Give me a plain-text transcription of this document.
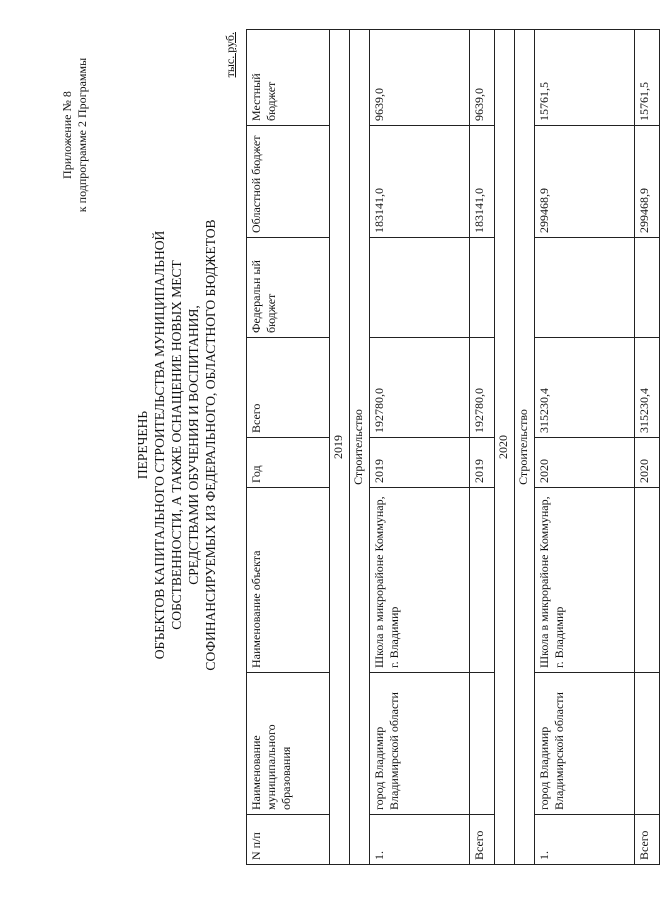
Приложение № 8 к подпрограмме 2 Программы
ПЕРЕЧЕНЬ ОБЪЕКТОВ КАПИТАЛЬНОГО СТРОИТЕЛЬСТВА МУНИЦИПАЛЬНОЙ СОБСТВЕННОСТИ, А ТАКЖЕ ОСНАЩЕНИЕ НОВЫХ МЕСТ СРЕДСТВАМИ ОБУЧЕНИЯ И ВОСПИТАНИЯ, СОФИНАНСИРУЕМЫХ ИЗ ФЕДЕРАЛЬНОГО, ОБЛАСТНОГО БЮДЖЕТОВ
тыс. руб.
N п/п	Наименование муниципального образования	Наименование объекта	Год	Всего	Федеральн ый бюджет	Областной бюджет	Местный бюджет
2019							
Строительство							
1.	город Владимир Владимирской области	Школа в микрорайоне Коммунар, г. Владимир	2019	192780,0		183141,0	9639,0
Всего			2019	192780,0		183141,0	9639,0
2020							
Строительство							
1.	город Владимир Владимирской области	Школа в микрорайоне Коммунар, г. Владимир	2020	315230,4		299468,9	15761,5
Всего			2020	315230,4		299468,9	15761,5
